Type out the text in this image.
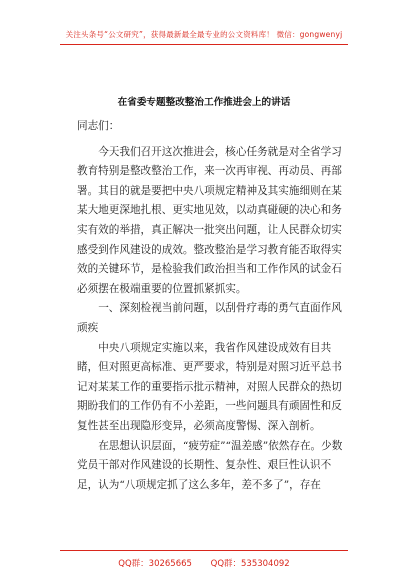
关注头条号“公文研究”，获得最新最全最专业的公文资料库！ 微信：gongwenyj
在省委专题整改整治工作推进会上的讲话

同志们：

今天我们召开这次推进会，核心任务就是对全省学习教育特别是整改整治工作，来一次再审视、再动员、再部署。其目的就是要把中央八项规定精神及其实施细则在某某大地更深地扎根、更实地见效，以动真碰硬的决心和务实有效的举措，真正解决一批突出问题，让人民群众切实感受到作风建设的成效。整改整治是学习教育能否取得实效的关键环节，是检验我们政治担当和工作作风的试金石必须摆在极端重要的位置抓紧抓实。

一、深刻检视当前问题，以刮骨疗毒的勇气直面作风顽疾

中央八项规定实施以来，我省作风建设成效有目共睹，但对照更高标准、更严要求，特别是对照习近平总书记对某某工作的重要指示批示精神，对照人民群众的热切期盼我们的工作仍有不小差距，一些问题具有顽固性和反复性甚至出现隐形变异，必须高度警惕、深入剖析。

在思想认识层面，“疲劳症”“温差感”依然存在。少数党员干部对作风建设的长期性、复杂性、艰巨性认识不足，认为“八项规定抓了这么多年，差不多了”，存在

QQ群：30265665 QQ群：535304092
